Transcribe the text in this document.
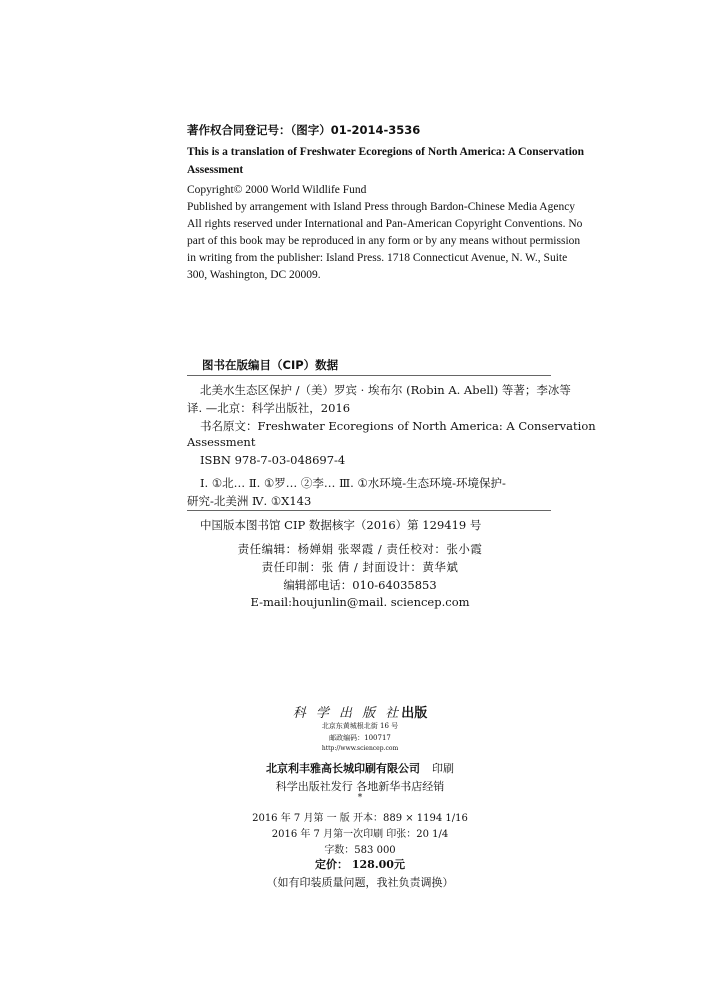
著作权合同登记号：（图字）01-2014-3536
This is a translation of Freshwater Ecoregions of North America: A Conservation
Assessment
Copyright© 2000 World Wildlife Fund
Published by arrangement with Island Press through Bardon-Chinese Media Agency
All rights reserved under International and Pan-American Copyright Conventions. No
part of this book may be reproduced in any form or by any means without permission
in writing from the publisher: Island Press. 1718 Connecticut Avenue, N. W., Suite
300, Washington, DC 20009.
图书在版编目（CIP）数据
北美水生态区保护 /（美）罗宾 · 埃布尔 (Robin A. Abell) 等著；李冰等
译. —北京：科学出版社，2016
书名原文：Freshwater Ecoregions of North America: A Conservation
Assessment
ISBN 978-7-03-048697-4
Ⅰ. ①北… Ⅱ. ①罗… ②李… Ⅲ. ①水环境-生态环境-环境保护-
研究-北美洲 Ⅳ. ①X143
中国版本图书馆 CIP 数据核字（2016）第 129419 号
责任编辑：杨婵娟 张翠霞 / 责任校对：张小霞
责任印制：张 倩 / 封面设计：黄华斌
编辑部电话：010-64035853
E-mail:houjunlin@mail. sciencep.com
科 学 出 版 社出版
北京东黄城根北街 16 号
邮政编码：100717
http://www.sciencep.com
北京利丰雅高长城印刷有限公司 印刷
科学出版社发行 各地新华书店经销
*
2016 年 7 月第 一 版 开本：889 × 1194 1/16
2016 年 7 月第一次印刷 印张：20 1/4
字数：583 000
定价： 128.00元
（如有印装质量问题，我社负责调换）
